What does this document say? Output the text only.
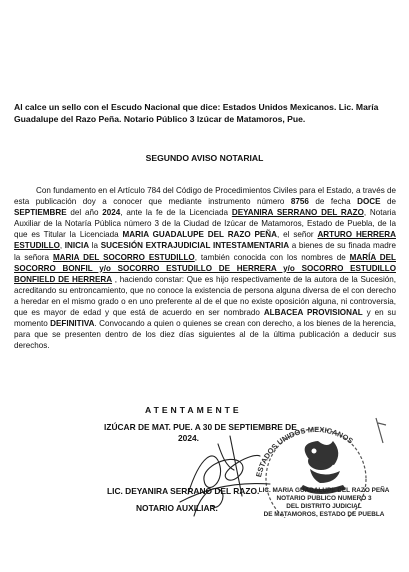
Al calce un sello con el Escudo Nacional que dice: Estados Unidos Mexicanos. Lic. María Guadalupe del Razo Peña. Notario Público 3 Izúcar de Matamoros, Pue.
SEGUNDO AVISO NOTARIAL
Con fundamento en el Artículo 784 del Código de Procedimientos Civiles para el Estado, a través de esta publicación doy a conocer que mediante instrumento número 8756 de fecha DOCE de SEPTIEMBRE del año 2024, ante la fe de la Licenciada DEYANIRA SERRANO DEL RAZO, Notaria Auxiliar de la Notaría Pública número 3 de la Ciudad de Izúcar de Matamoros, Estado de Puebla, de la que es Titular la Licenciada MARIA GUADALUPE DEL RAZO PEÑA, el señor ARTURO HERRERA ESTUDILLO, INICIA la SUCESIÓN EXTRAJUDICIAL INTESTAMENTARIA a bienes de su finada madre la señora MARIA DEL SOCORRO ESTUDILLO, también conocida con los nombres de MARÍA DEL SOCORRO BONFIL y/o SOCORRO ESTUDILLO DE HERRERA y/o SOCORRO ESTUDILLO BONFIELD DE HERRERA , haciendo constar: Que es hijo respectivamente de la autora de la Sucesión, acreditando su entroncamiento, que no conoce la existencia de persona alguna diversa de el con derecho a heredar en el mismo grado o en uno preferente al de el que no existe oposición alguna, ni controversia, que es mayor de edad y que está de acuerdo en ser nombrado ALBACEA PROVISIONAL y en su momento DEFINITIVA. Convocando a quien o quienes se crean con derecho, a los bienes de la herencia, para que se presenten dentro de los diez días siguientes al de la última publicación a deducir sus derechos.
ATENTAMENTE
IZÚCAR DE MAT. PUE. A 30 DE SEPTIEMBRE DE
2024.
ESTADOS UNIDOS MEXICANOS
LIC. DEYANIRA SERRANO DEL RAZO.
NOTARIO AUXILIAR.
LIC. MARIA GUADALUPE DEL RAZO PEÑA
NOTARIO PUBLICO NUMERO 3
DEL DISTRITO JUDICIAL
DE MATAMOROS, ESTADO DE PUEBLA
